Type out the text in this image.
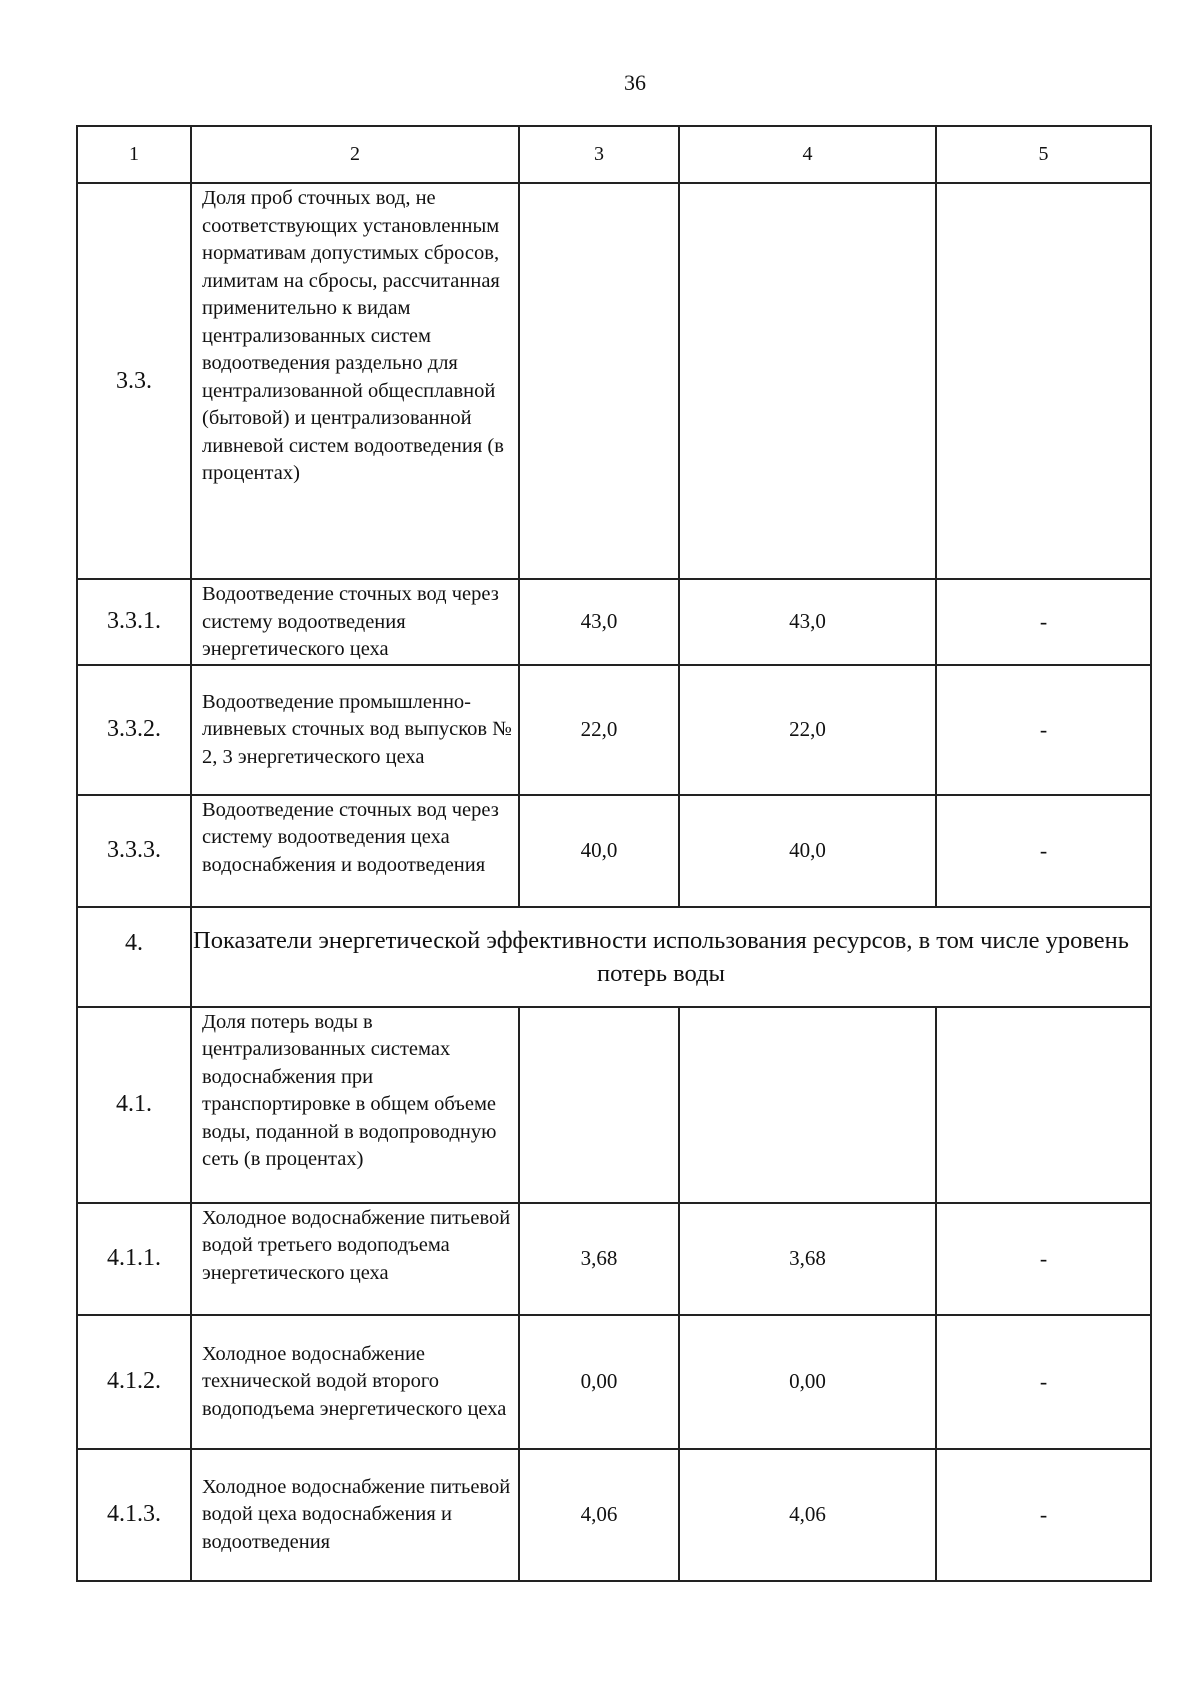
36
1	2	3	4	5
3.3.	Доля проб сточных вод, не соответствующих установленным нормативам допустимых сбросов, лимитам на сбросы, рассчитанная применительно к видам централизованных систем водоотведения раздельно для централизованной общесплавной (бытовой) и централизованной ливневой систем водоотведения (в процентах)			
3.3.1.	Водоотведение сточных вод через систему водоотведения энергетического цеха	43,0	43,0	-
3.3.2.	Водоотведение промышленно-ливневых сточных вод выпусков № 2, 3 энергетического цеха	22,0	22,0	-
3.3.3.	Водоотведение сточных вод через систему водоотведения цеха водоснабжения и водоотведения	40,0	40,0	-
4.	Показатели энергетической эффективности использования ресурсов, в том числе уровень потерь воды			
4.1.	Доля потерь воды в централизованных системах водоснабжения при транспортировке в общем объеме воды, поданной в водопроводную сеть (в процентах)			
4.1.1.	Холодное водоснабжение питьевой водой третьего водоподъема энергетического цеха	3,68	3,68	-
4.1.2.	Холодное водоснабжение технической водой второго водоподъема энергетического цеха	0,00	0,00	-
4.1.3.	Холодное водоснабжение питьевой водой цеха водоснабжения и водоотведения	4,06	4,06	-
